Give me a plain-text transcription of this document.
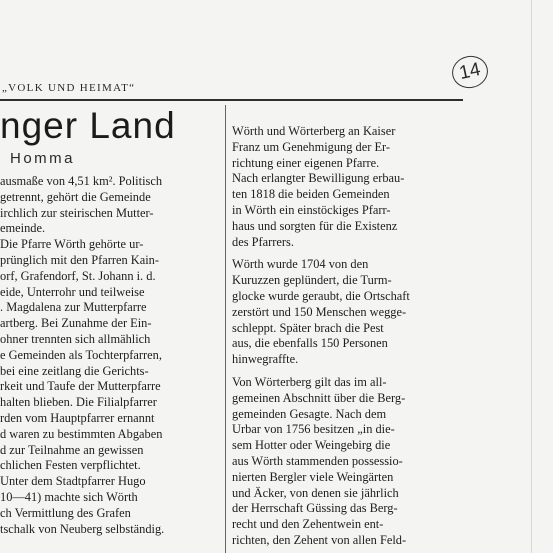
„VOLK UND HEIMAT“
14
nger Land
Homma
ausmaße von 4,51 km². Politisch
getrennt, gehört die Gemeinde
irchlich zur steirischen Mutter-
emeinde.
Die Pfarre Wörth gehörte ur-
prünglich mit den Pfarren Kain-
orf, Grafendorf, St. Johann i. d.
eide, Unterrohr und teilweise
. Magdalena zur Mutterpfarre
artberg. Bei Zunahme der Ein-
ohner trennten sich allmählich
e Gemeinden als Tochterpfarren,
bei eine zeitlang die Gerichts-
rkeit und Taufe der Mutterpfarre
halten blieben. Die Filialpfarrer
rden vom Hauptpfarrer ernannt
d waren zu bestimmten Abgaben
d zur Teilnahme an gewissen
chlichen Festen verpflichtet.
Unter dem Stadtpfarrer Hugo
10—41) machte sich Wörth
ch Vermittlung des Grafen
tschalk von Neuberg selbständig.
Wörth und Wörterberg an Kaiser
Franz um Genehmigung der Er-
richtung einer eigenen Pfarre.
Nach erlangter Bewilligung erbau-
ten 1818 die beiden Gemeinden
in Wörth ein einstöckiges Pfarr-
haus und sorgten für die Existenz
des Pfarrers.
Wörth wurde 1704 von den
Kuruzzen geplündert, die Turm-
glocke wurde geraubt, die Ortschaft
zerstört und 150 Menschen wegge-
schleppt. Später brach die Pest
aus, die ebenfalls 150 Personen
hinwegraffte.
Von Wörterberg gilt das im all-
gemeinen Abschnitt über die Berg-
gemeinden Gesagte. Nach dem
Urbar von 1756 besitzen „in die-
sem Hotter oder Weingebirg die
aus Wörth stammenden possessio-
nierten Bergler viele Weingärten
und Äcker, von denen sie jährlich
der Herrschaft Güssing das Berg-
recht und den Zehentwein ent-
richten, den Zehent von allen Feld-
